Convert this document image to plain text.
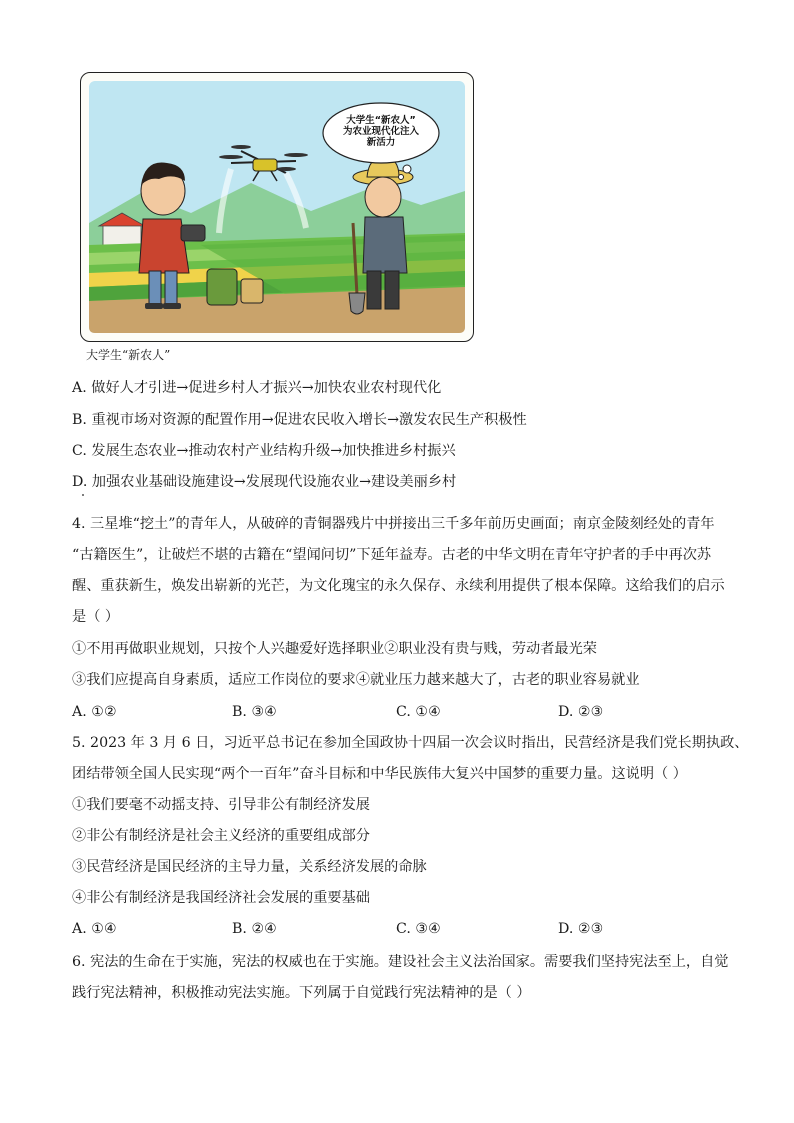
大学生“新农人”
为农业现代化注入
新活力
大学生“新农人”
A. 做好人才引进→促进乡村人才振兴→加快农业农村现代化
B. 重视市场对资源的配置作用→促进农民收入增长→激发农民生产积极性
C. 发展生态农业→推动农村产业结构升级→加快推进乡村振兴
D. 加强农业基础设施建设→发展现代设施农业→建设美丽乡村
4. 三星堆“挖土”的青年人，从破碎的青铜器残片中拼接出三千多年前历史画面；南京金陵刻经处的青年
“古籍医生”，让破烂不堪的古籍在“望闻问切”下延年益寿。古老的中华文明在青年守护者的手中再次苏
醒、重获新生，焕发出崭新的光芒，为文化瑰宝的永久保存、永续利用提供了根本保障。这给我们的启示
是（ ）
①不用再做职业规划，只按个人兴趣爱好选择职业②职业没有贵与贱，劳动者最光荣
③我们应提高自身素质，适应工作岗位的要求④就业压力越来越大了，古老的职业容易就业
A. ①②	B. ③④	C. ①④	D. ②③
5. 2023 年 3 月 6 日，习近平总书记在参加全国政协十四届一次会议时指出，民营经济是我们党长期执政、
团结带领全国人民实现“两个一百年”奋斗目标和中华民族伟大复兴中国梦的重要力量。这说明（ ）
①我们要毫不动摇支持、引导非公有制经济发展
②非公有制经济是社会主义经济的重要组成部分
③民营经济是国民经济的主导力量，关系经济发展的命脉
④非公有制经济是我国经济社会发展的重要基础
A. ①④	B. ②④	C. ③④	D. ②③
6. 宪法的生命在于实施，宪法的权威也在于实施。建设社会主义法治国家。需要我们坚持宪法至上，自觉
践行宪法精神，积极推动宪法实施。下列属于自觉践行宪法精神的是（ ）
